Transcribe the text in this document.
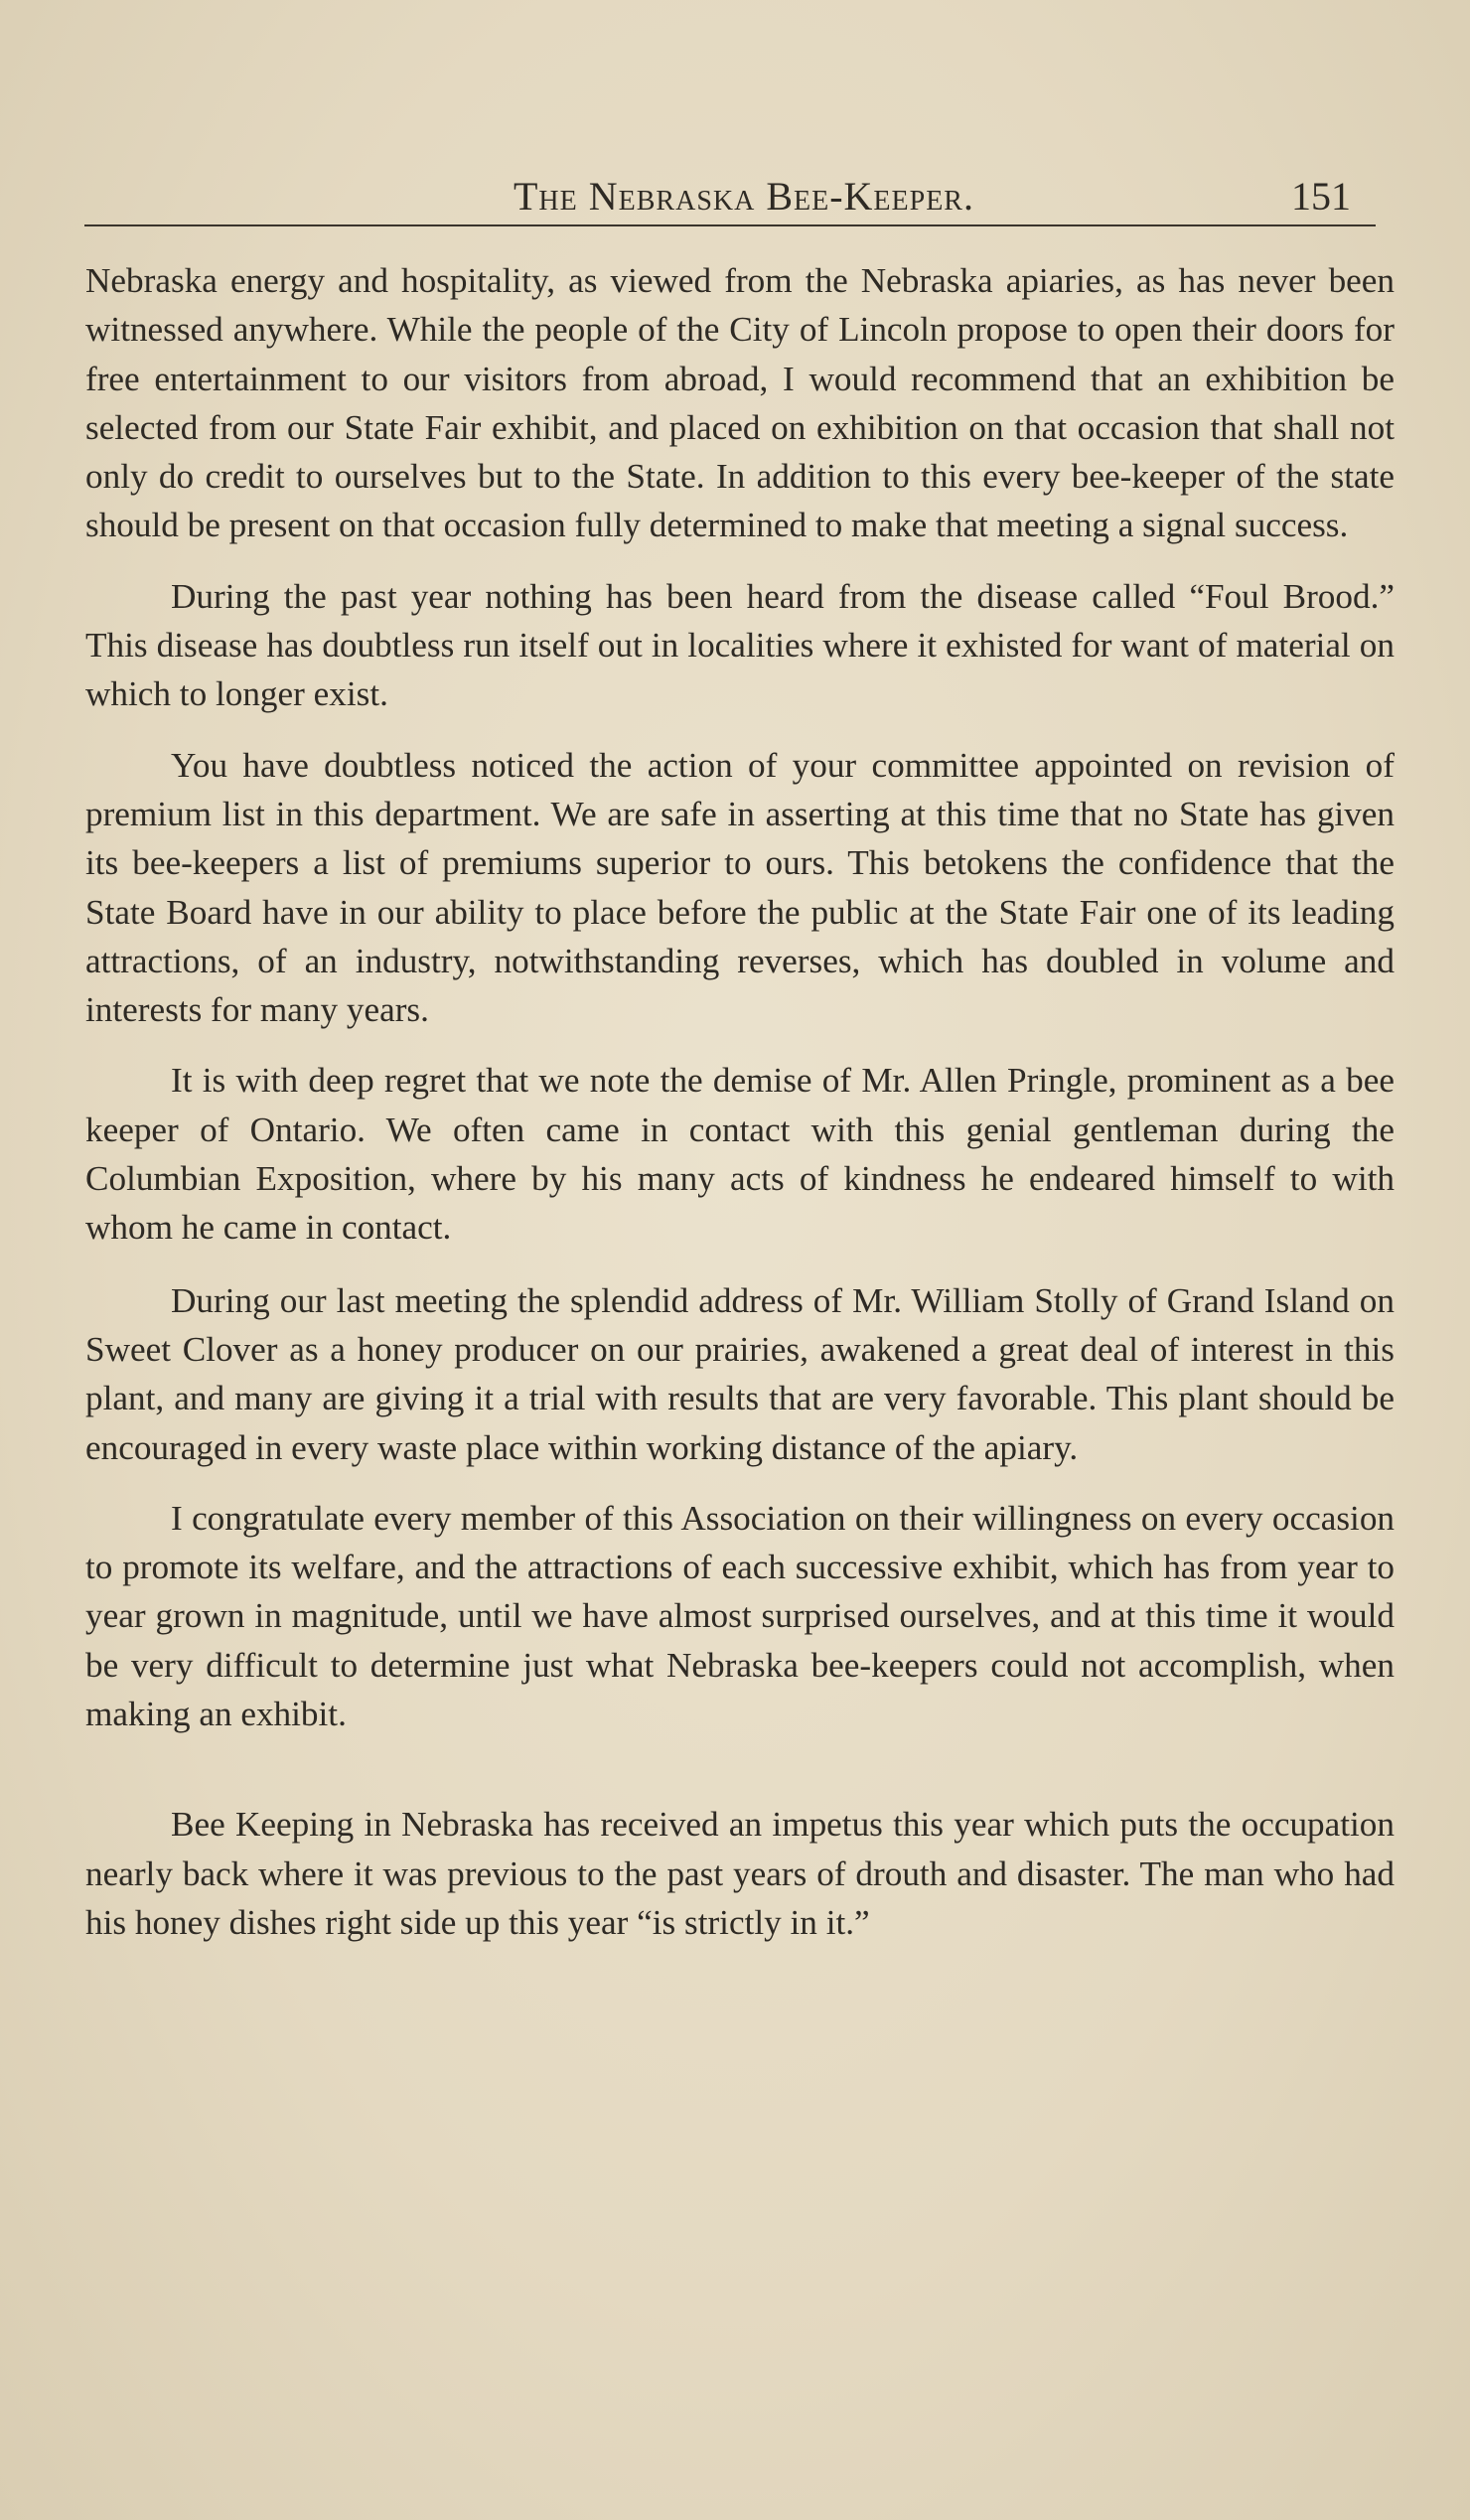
The Nebraska Bee-Keeper.	151

Nebraska energy and hospitality, as viewed from the Nebraska apiaries, as has never been witnessed anywhere. While the people of the City of Lincoln propose to open their doors for free entertainment to our visitors from abroad, I would recommend that an exhibition be selected from our State Fair exhibit, and placed on exhibition on that occasion that shall not only do credit to ourselves but to the State. In addition to this every bee-keeper of the state should be present on that occasion fully determined to make that meeting a signal success.

During the past year nothing has been heard from the disease called “Foul Brood.” This disease has doubtless run itself out in localities where it exhisted for want of material on which to longer exist.

You have doubtless noticed the action of your committee appointed on revision of premium list in this department. We are safe in asserting at this time that no State has given its bee-keepers a list of premiums superior to ours. This betokens the confidence that the State Board have in our ability to place before the public at the State Fair one of its leading attractions, of an industry, notwithstanding reverses, which has doubled in volume and interests for many years.

It is with deep regret that we note the demise of Mr. Allen Pringle, prominent as a bee keeper of Ontario. We often came in contact with this genial gentleman during the Columbian Exposition, where by his many acts of kindness he endeared himself to with whom he came in contact.

During our last meeting the splendid address of Mr. William Stolly of Grand Island on Sweet Clover as a honey producer on our prairies, awakened a great deal of interest in this plant, and many are giving it a trial with results that are very favorable. This plant should be encouraged in every waste place within working distance of the apiary.

I congratulate every member of this Association on their willingness on every occasion to promote its welfare, and the attractions of each successive exhibit, which has from year to year grown in magnitude, until we have almost surprised ourselves, and at this time it would be very difficult to determine just what Nebraska bee-keepers could not accomplish, when making an exhibit.

Bee Keeping in Nebraska has received an impetus this year which puts the occupation nearly back where it was previous to the past years of drouth and disaster. The man who had his honey dishes right side up this year “is strictly in it.”
